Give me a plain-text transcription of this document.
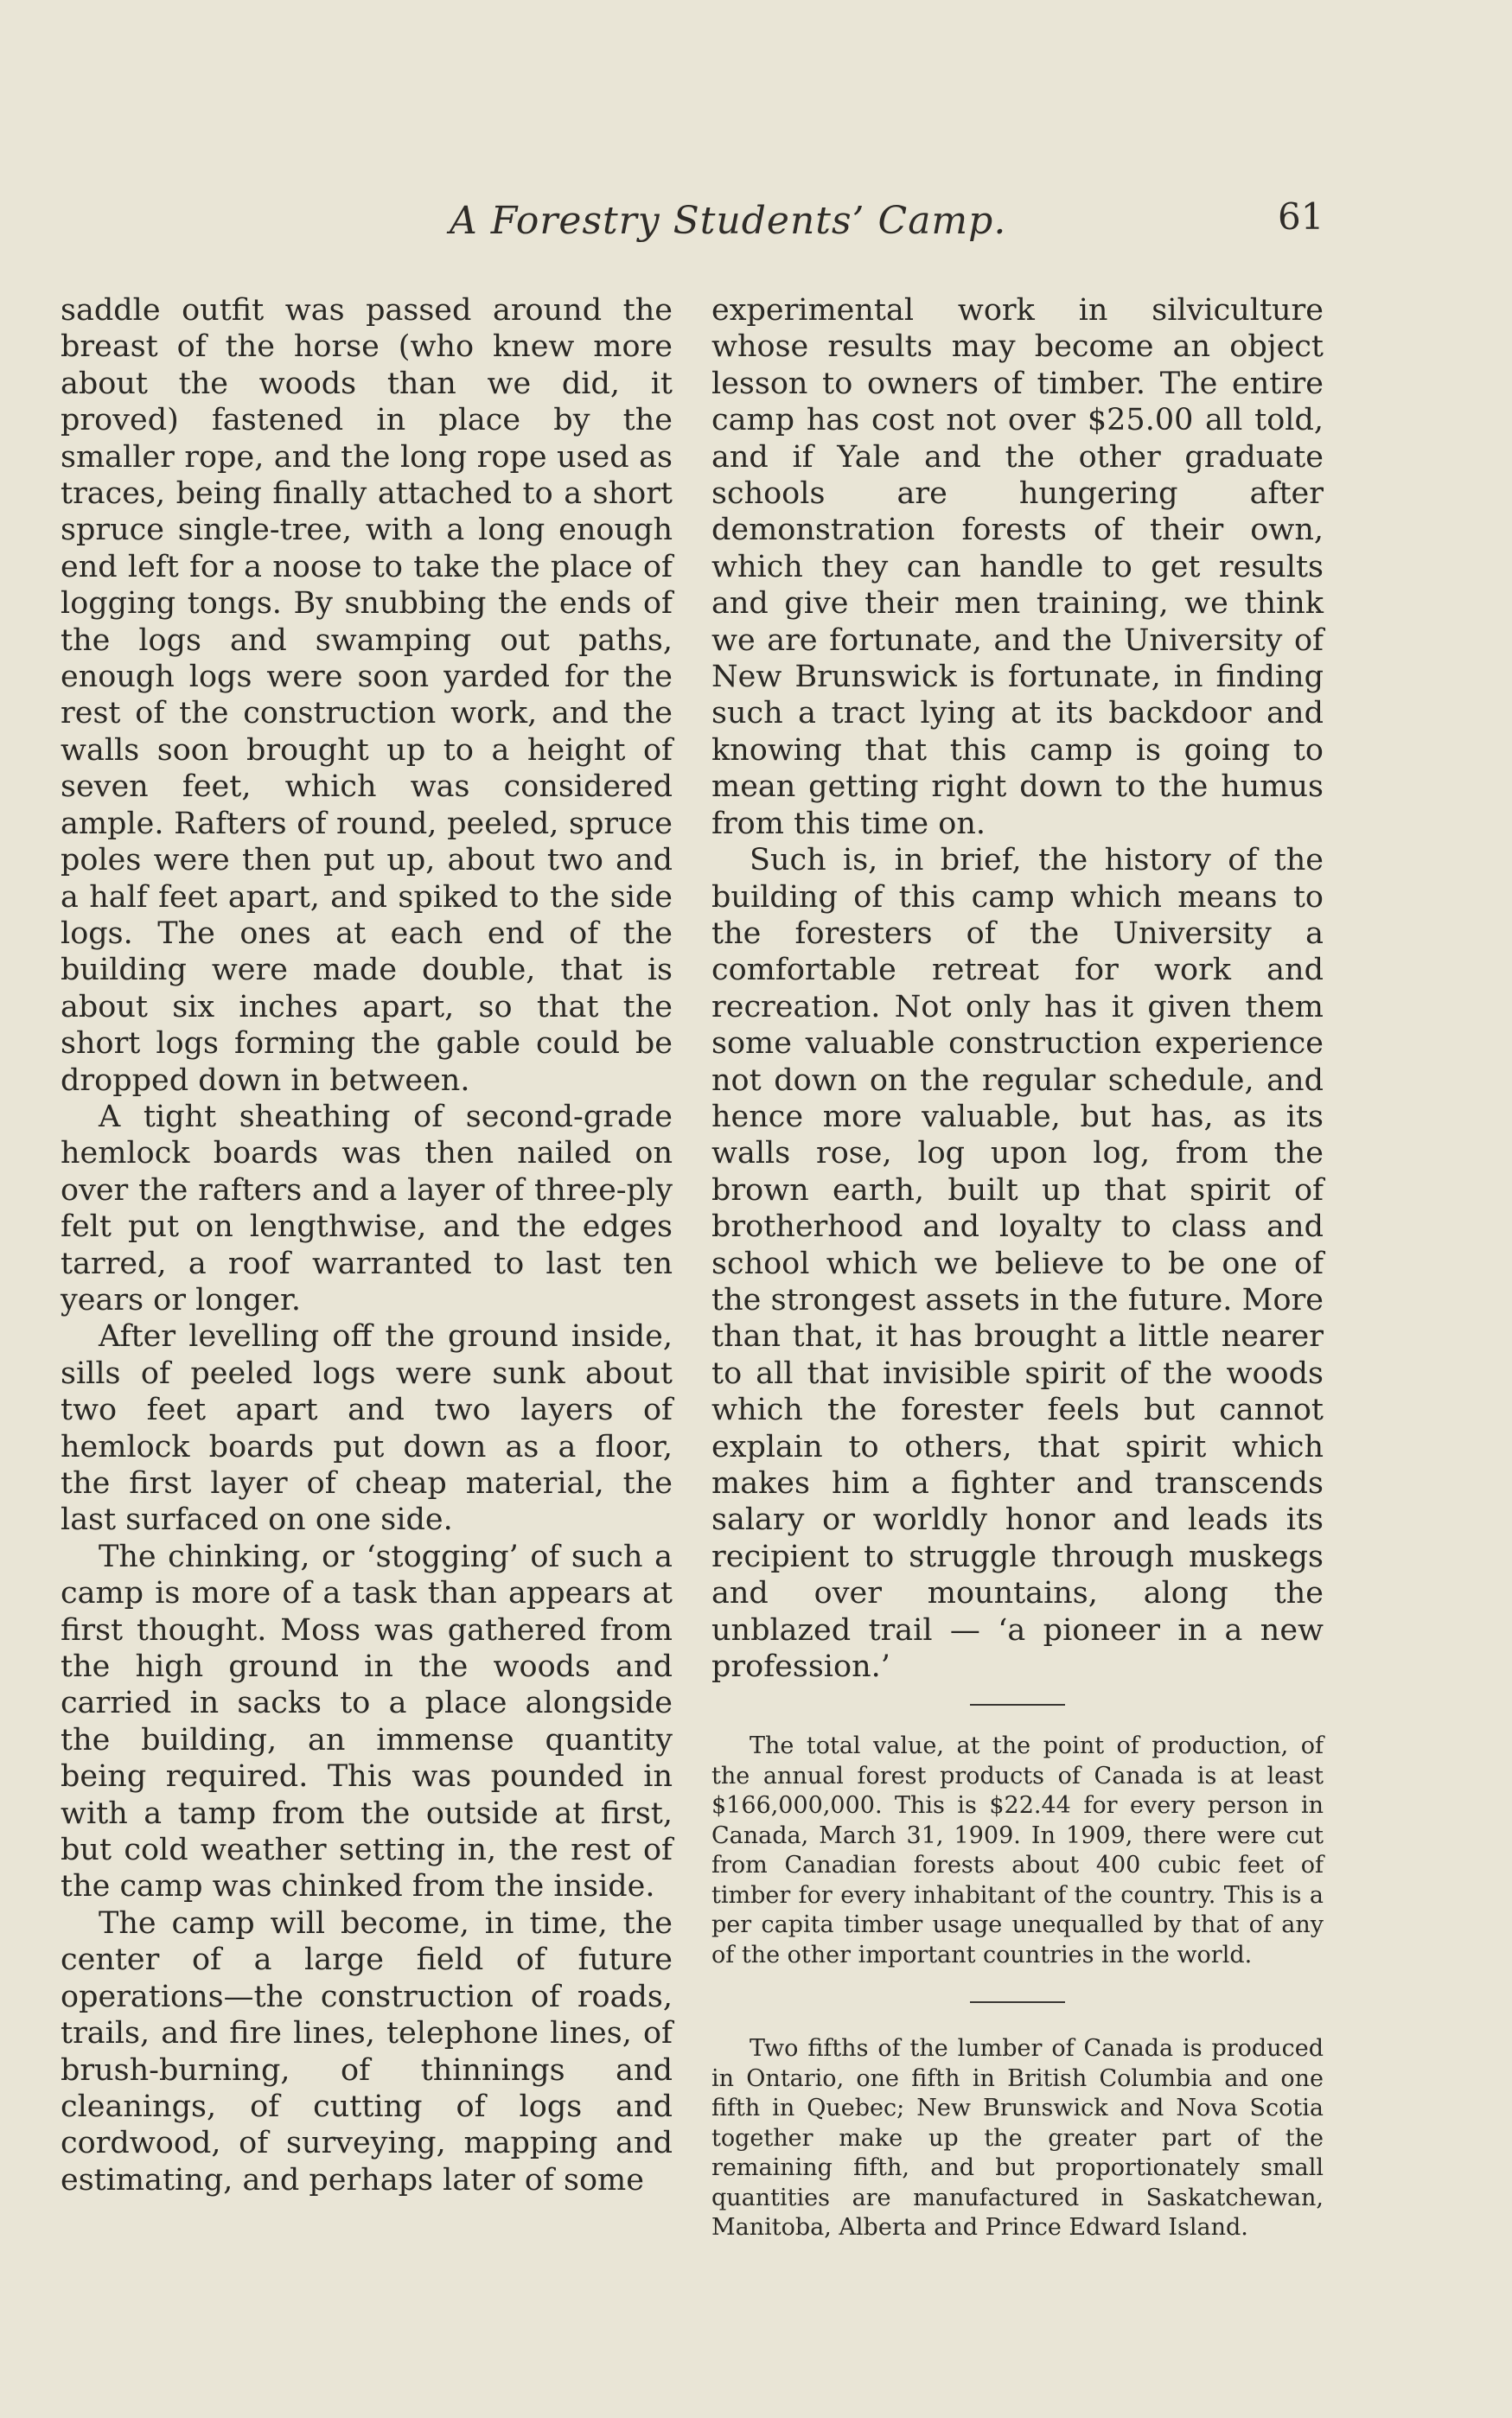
A Forestry Students’ Camp.	61

saddle outfit was passed around the breast of the horse (who knew more about the woods than we did, it proved) fastened in place by the smaller rope, and the long rope used as traces, being finally attached to a short spruce single-tree, with a long enough end left for a noose to take the place of logging tongs. By snubbing the ends of the logs and swamping out paths, enough logs were soon yarded for the rest of the construction work, and the walls soon brought up to a height of seven feet, which was considered ample. Rafters of round, peeled, spruce poles were then put up, about two and a half feet apart, and spiked to the side logs. The ones at each end of the building were made double, that is about six inches apart, so that the short logs forming the gable could be dropped down in between.

A tight sheathing of second-grade hemlock boards was then nailed on over the rafters and a layer of three-ply felt put on lengthwise, and the edges tarred, a roof warranted to last ten years or longer.

After levelling off the ground inside, sills of peeled logs were sunk about two feet apart and two layers of hemlock boards put down as a floor, the first layer of cheap material, the last surfaced on one side.

The chinking, or ‘stogging’ of such a camp is more of a task than appears at first thought. Moss was gathered from the high ground in the woods and carried in sacks to a place alongside the building, an immense quantity being required. This was pounded in with a tamp from the outside at first, but cold weather setting in, the rest of the camp was chinked from the inside.

The camp will become, in time, the center of a large field of future operations—the construction of roads, trails, and fire lines, telephone lines, of brush-burning, of thinnings and cleanings, of cutting of logs and cordwood, of surveying, mapping and estimating, and perhaps later of some

experimental work in silviculture whose results may become an object lesson to owners of timber. The entire camp has cost not over $25.00 all told, and if Yale and the other graduate schools are hungering after demonstration forests of their own, which they can handle to get results and give their men training, we think we are fortunate, and the University of New Brunswick is fortunate, in finding such a tract lying at its backdoor and knowing that this camp is going to mean getting right down to the humus from this time on.

Such is, in brief, the history of the building of this camp which means to the foresters of the University a comfortable retreat for work and recreation. Not only has it given them some valuable construction experience not down on the regular schedule, and hence more valuable, but has, as its walls rose, log upon log, from the brown earth, built up that spirit of brotherhood and loyalty to class and school which we believe to be one of the strongest assets in the future. More than that, it has brought a little nearer to all that invisible spirit of the woods which the forester feels but cannot explain to others, that spirit which makes him a fighter and transcends salary or worldly honor and leads its recipient to struggle through muskegs and over mountains, along the unblazed trail — ‘a pioneer in a new profession.’

The total value, at the point of production, of the annual forest products of Canada is at least $166,000,000. This is $22.44 for every person in Canada, March 31, 1909. In 1909, there were cut from Canadian forests about 400 cubic feet of timber for every inhabitant of the country. This is a per capita timber usage unequalled by that of any of the other important countries in the world.

Two fifths of the lumber of Canada is produced in Ontario, one fifth in British Columbia and one fifth in Quebec; New Brunswick and Nova Scotia together make up the greater part of the remaining fifth, and but proportionately small quantities are manufactured in Saskatchewan, Manitoba, Alberta and Prince Edward Island.
